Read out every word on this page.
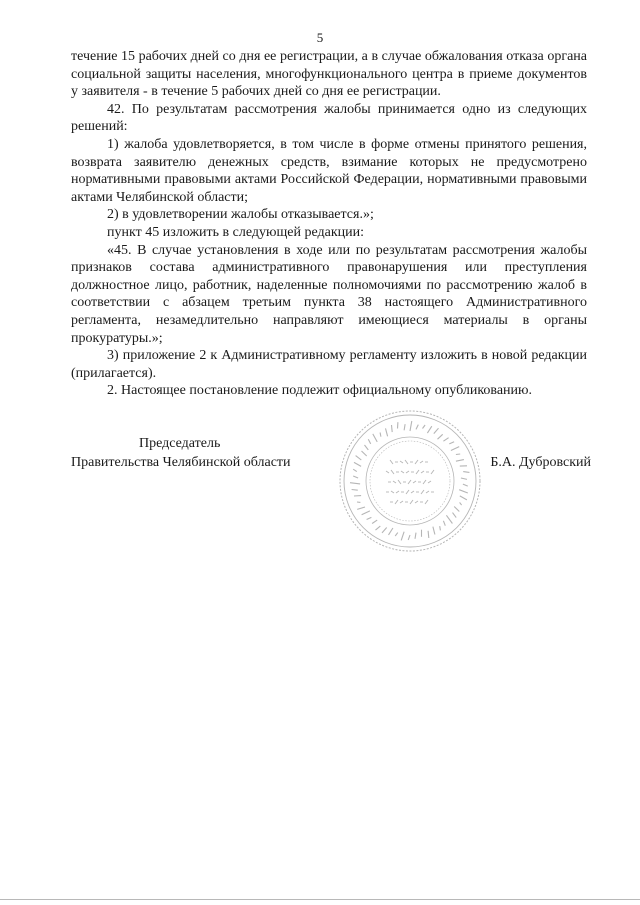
5

течение 15 рабочих дней со дня ее регистрации, а в случае обжалования отказа органа социальной защиты населения, многофункционального центра в приеме документов у заявителя - в течение 5 рабочих дней со дня ее регистрации.

42. По результатам рассмотрения жалобы принимается одно из следующих решений:

1) жалоба удовлетворяется, в том числе в форме отмены принятого решения, возврата заявителю денежных средств, взимание которых не предусмотрено нормативными правовыми актами Российской Федерации, нормативными правовыми актами Челябинской области;

2) в удовлетворении жалобы отказывается.»;

пункт 45 изложить в следующей редакции:

«45. В случае установления в ходе или по результатам рассмотрения жалобы признаков состава административного правонарушения или преступления должностное лицо, работник, наделенные полномочиями по рассмотрению жалоб в соответствии с абзацем третьим пункта 38 настоящего Административного регламента, незамедлительно направляют имеющиеся материалы в органы прокуратуры.»;

3) приложение 2 к Административному регламенту изложить в новой редакции (прилагается).

2. Настоящее постановление подлежит официальному опубликованию.

Председатель
Правительства Челябинской области	Б.А. Дубровский
